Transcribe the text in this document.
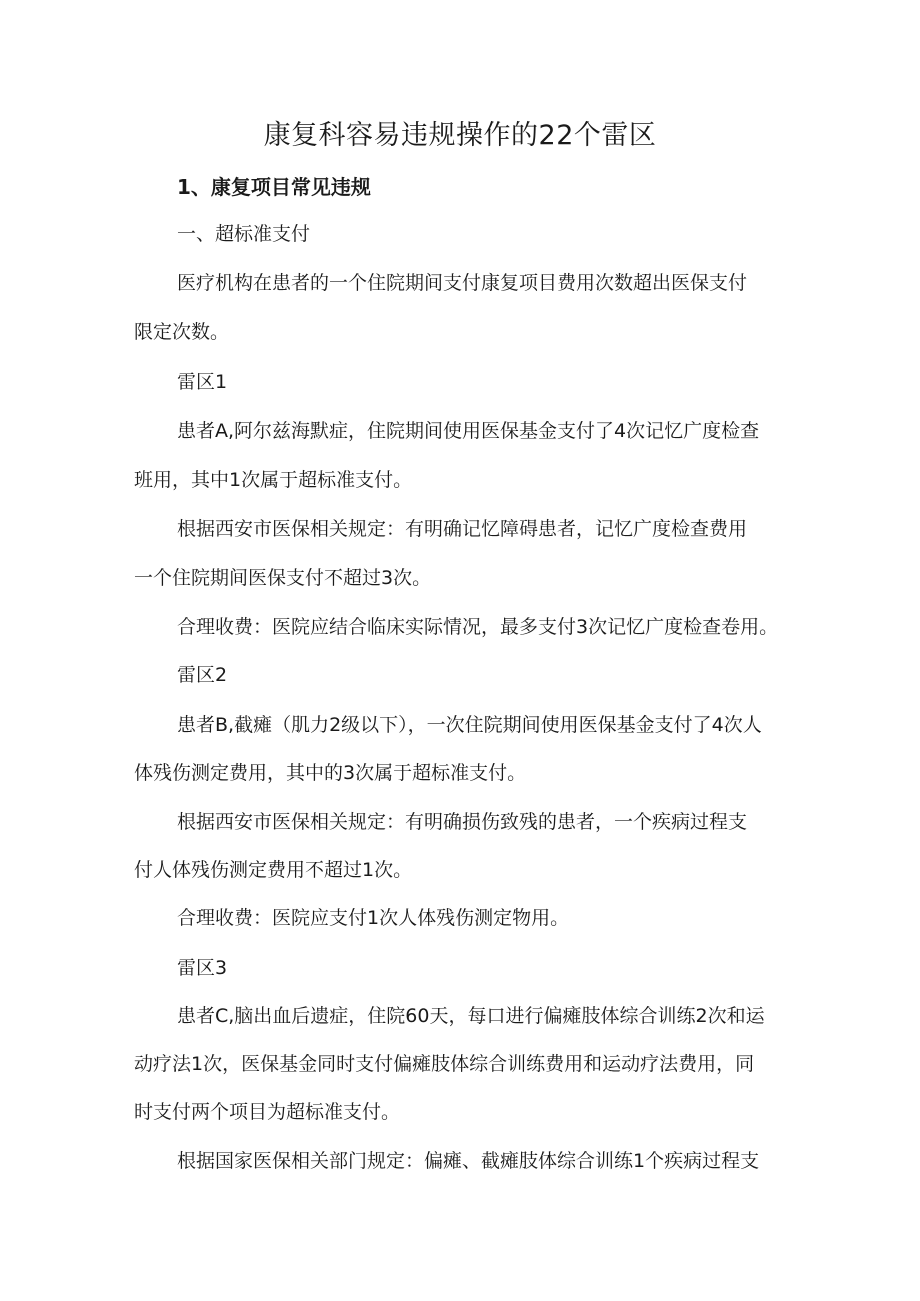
康复科容易违规操作的22个雷区
1、康复项目常见违规

一、超标准支付

医疗机构在患者的一个住院期间支付康复项目费用次数超出医保支付

限定次数。

雷区1

患者A,阿尔兹海默症，住院期间使用医保基金支付了4次记忆广度检查

班用，其中1次属于超标准支付。

根据西安市医保相关规定：有明确记忆障碍患者，记忆广度检查费用

一个住院期间医保支付不超过3次。

合理收费：医院应结合临床实际情况，最多支付3次记忆广度检查卷用。

雷区2

患者B,截瘫（肌力2级以下），一次住院期间使用医保基金支付了4次人

体残伤测定费用，其中的3次属于超标准支付。

根据西安市医保相关规定：有明确损伤致残的患者，一个疾病过程支

付人体残伤测定费用不超过1次。

合理收费：医院应支付1次人体残伤测定物用。

雷区3

患者C,脑出血后遗症，住院60天，每口进行偏瘫肢体综合训练2次和运

动疗法1次，医保基金同时支付偏瘫肢体综合训练费用和运动疗法费用，同

时支付两个项目为超标准支付。

根据国家医保相关部门规定：偏瘫、截瘫肢体综合训练1个疾病过程支
